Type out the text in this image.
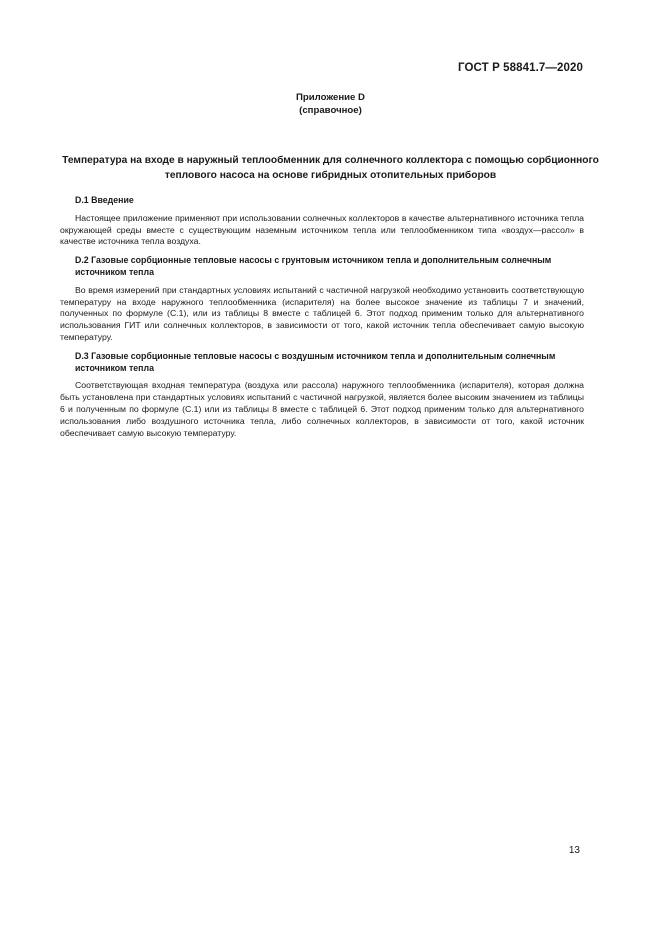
ГОСТ Р 58841.7—2020
Приложение D
(справочное)
Температура на входе в наружный теплообменник для солнечного коллектора с помощью сорбционного теплового насоса на основе гибридных отопительных приборов
D.1 Введение

Настоящее приложение применяют при использовании солнечных коллекторов в качестве альтернативного источника тепла окружающей среды вместе с существующим наземным источником тепла или теплообменником типа «воздух—рассол» в качестве источника тепла воздуха.

D.2 Газовые сорбционные тепловые насосы с грунтовым источником тепла и дополнительным солнечным источником тепла

Во время измерений при стандартных условиях испытаний с частичной нагрузкой необходимо установить соответствующую температуру на входе наружного теплообменника (испарителя) на более высокое значение из таблицы 7 и значений, полученных по формуле (С.1), или из таблицы 8 вместе с таблицей 6. Этот подход применим только для альтернативного использования ГИТ или солнечных коллекторов, в зависимости от того, какой источник тепла обеспечивает самую высокую температуру.

D.3 Газовые сорбционные тепловые насосы с воздушным источником тепла и дополнительным солнечным источником тепла

Соответствующая входная температура (воздуха или рассола) наружного теплообменника (испарителя), которая должна быть установлена при стандартных условиях испытаний с частичной нагрузкой, является более высоким значением из таблицы 6 и полученным по формуле (С.1) или из таблицы 8 вместе с таблицей 6. Этот подход применим только для альтернативного использования либо воздушного источника тепла, либо солнечных коллекторов, в зависимости от того, какой источник обеспечивает самую высокую температуру.

13
